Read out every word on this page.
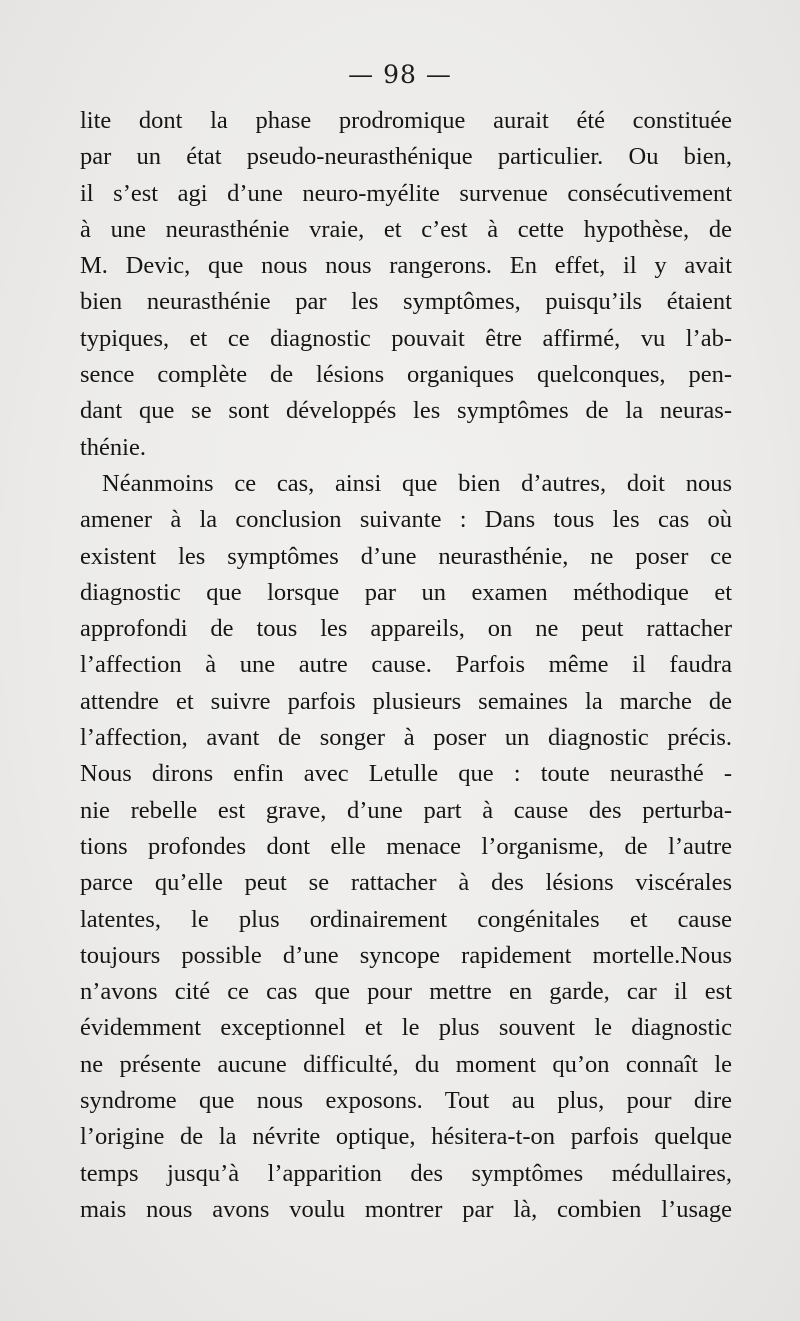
— 98 —
lite dont la phase prodromique aurait été constituée
par un état pseudo-neurasthénique particulier. Ou bien,
il s’est agi d’une neuro-myélite survenue consécutivement
à une neurasthénie vraie, et c’est à cette hypothèse, de
M. Devic, que nous nous rangerons. En effet, il y avait
bien neurasthénie par les symptômes, puisqu’ils étaient
typiques, et ce diagnostic pouvait être affirmé, vu l’ab-
sence complète de lésions organiques quelconques, pen-
dant que se sont développés les symptômes de la neuras-
thénie.
Néanmoins ce cas, ainsi que bien d’autres, doit nous
amener à la conclusion suivante : Dans tous les cas où
existent les symptômes d’une neurasthénie, ne poser ce
diagnostic que lorsque par un examen méthodique et
approfondi de tous les appareils, on ne peut rattacher
l’affection à une autre cause. Parfois même il faudra
attendre et suivre parfois plusieurs semaines la marche de
l’affection, avant de songer à poser un diagnostic précis.
Nous dirons enfin avec Letulle que : toute neurasthé -
nie rebelle est grave, d’une part à cause des perturba-
tions profondes dont elle menace l’organisme, de l’autre
parce qu’elle peut se rattacher à des lésions viscérales
latentes, le plus ordinairement congénitales et cause
toujours possible d’une syncope rapidement mortelle.Nous
n’avons cité ce cas que pour mettre en garde, car il est
évidemment exceptionnel et le plus souvent le diagnostic
ne présente aucune difficulté, du moment qu’on connaît le
syndrome que nous exposons. Tout au plus, pour dire
l’origine de la névrite optique, hésitera-t-on parfois quelque
temps jusqu’à l’apparition des symptômes médullaires,
mais nous avons voulu montrer par là, combien l’usage
